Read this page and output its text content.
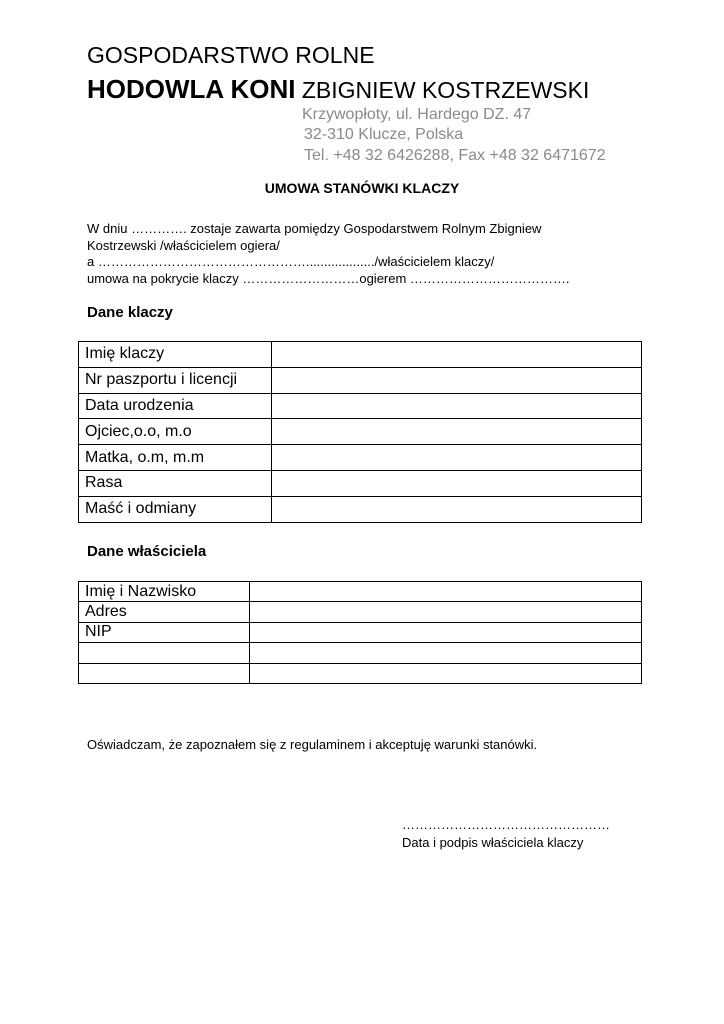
GOSPODARSTWO ROLNE
HODOWLA KONI ZBIGNIEW KOSTRZEWSKI
Krzywopłoty, ul. Hardego DZ. 47
32-310 Klucze, Polska
Tel. +48 32 6426288, Fax +48 32 6471672
UMOWA STANÓWKI KLACZY
W dniu …………. zostaje zawarta pomiędzy Gospodarstwem Rolnym Zbigniew
Kostrzewski /właścicielem ogiera/
a ………………………………………….................../właścicielem klaczy/
umowa na pokrycie klaczy ………………………ogierem ……………………………….
Dane klaczy
Imię klaczy	
Nr paszportu i licencji	
Data urodzenia	
Ojciec,o.o, m.o	
Matka, o.m, m.m	
Rasa	
Maść i odmiany	
Dane właściciela
Imię i Nazwisko	
Adres	
NIP	

Oświadczam, że zapoznałem się z regulaminem i akceptuję warunki stanówki.
…………………………………………
Data i podpis właściciela klaczy
